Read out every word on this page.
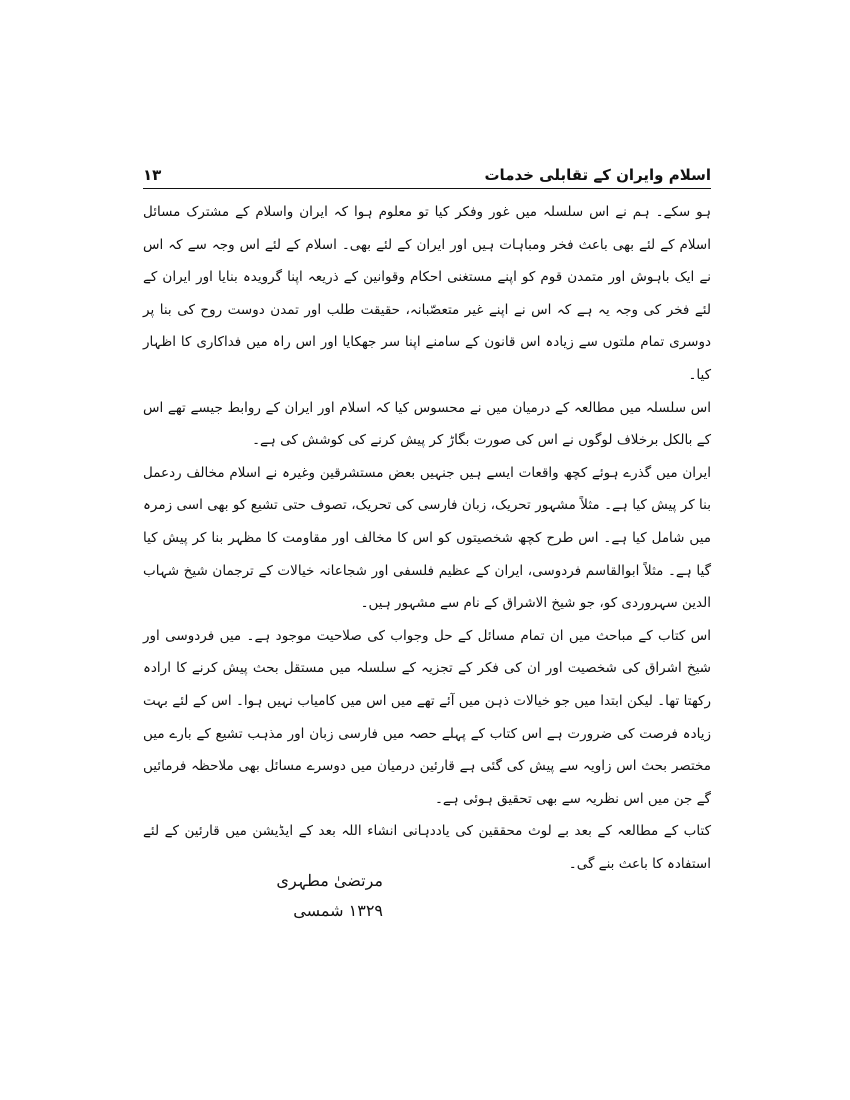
اسلام وایران کے تقابلی خدمات
۱۳

ہو سکے۔ ہم نے اس سلسلہ میں غور وفکر کیا تو معلوم ہوا کہ ایران واسلام کے مشترک مسائل اسلام کے لئے بھی باعث فخر ومباہات ہیں اور ایران کے لئے بھی۔ اسلام کے لئے اس وجہ سے کہ اس نے ایک باہوش اور متمدن قوم کو اپنے مستغنی احکام وقوانین کے ذریعہ اپنا گرویدہ بنایا اور ایران کے لئے فخر کی وجہ یہ ہے کہ اس نے اپنے غیر متعصّبانہ، حقیقت طلب اور تمدن دوست روح کی بنا پر دوسری تمام ملتوں سے زیادہ اس قانون کے سامنے اپنا سر جھکایا اور اس راہ میں فداکاری کا اظہار کیا۔

اس سلسلہ میں مطالعہ کے درمیان میں نے محسوس کیا کہ اسلام اور ایران کے روابط جیسے تھے اس کے بالکل برخلاف لوگوں نے اس کی صورت بگاڑ کر پیش کرنے کی کوشش کی ہے۔

ایران میں گذرے ہوئے کچھ واقعات ایسے ہیں جنہیں بعض مستشرقین وغیرہ نے اسلام مخالف ردعمل بنا کر پیش کیا ہے۔ مثلاً مشہور تحریک، زبان فارسی کی تحریک، تصوف حتی تشیع کو بھی اسی زمرہ میں شامل کیا ہے۔ اس طرح کچھ شخصیتوں کو اس کا مخالف اور مقاومت کا مظہر بنا کر پیش کیا گیا ہے۔ مثلاً ابوالقاسم فردوسی، ایران کے عظیم فلسفی اور شجاعانہ خیالات کے ترجمان شیخ شہاب الدین سہروردی کو، جو شیخ الاشراق کے نام سے مشہور ہیں۔

اس کتاب کے مباحث میں ان تمام مسائل کے حل وجواب کی صلاحیت موجود ہے۔ میں فردوسی اور شیخ اشراق کی شخصیت اور ان کی فکر کے تجزیہ کے سلسلہ میں مستقل بحث پیش کرنے کا ارادہ رکھتا تھا۔ لیکن ابتدا میں جو خیالات ذہن میں آئے تھے میں اس میں کامیاب نہیں ہوا۔ اس کے لئے بہت زیادہ فرصت کی ضرورت ہے اس کتاب کے پہلے حصہ میں فارسی زبان اور مذہب تشیع کے بارے میں مختصر بحث اس زاویہ سے پیش کی گئی ہے قارئین درمیان میں دوسرے مسائل بھی ملاحظہ فرمائیں گے جن میں اس نظریہ سے بھی تحقیق ہوئی ہے۔

کتاب کے مطالعہ کے بعد بے لوث محققین کی یاددہانی انشاء اللہ بعد کے ایڈیشن میں قارئین کے لئے استفادہ کا باعث بنے گی۔

مرتضیٰ مطہری
۱۳۲۹ شمسی
